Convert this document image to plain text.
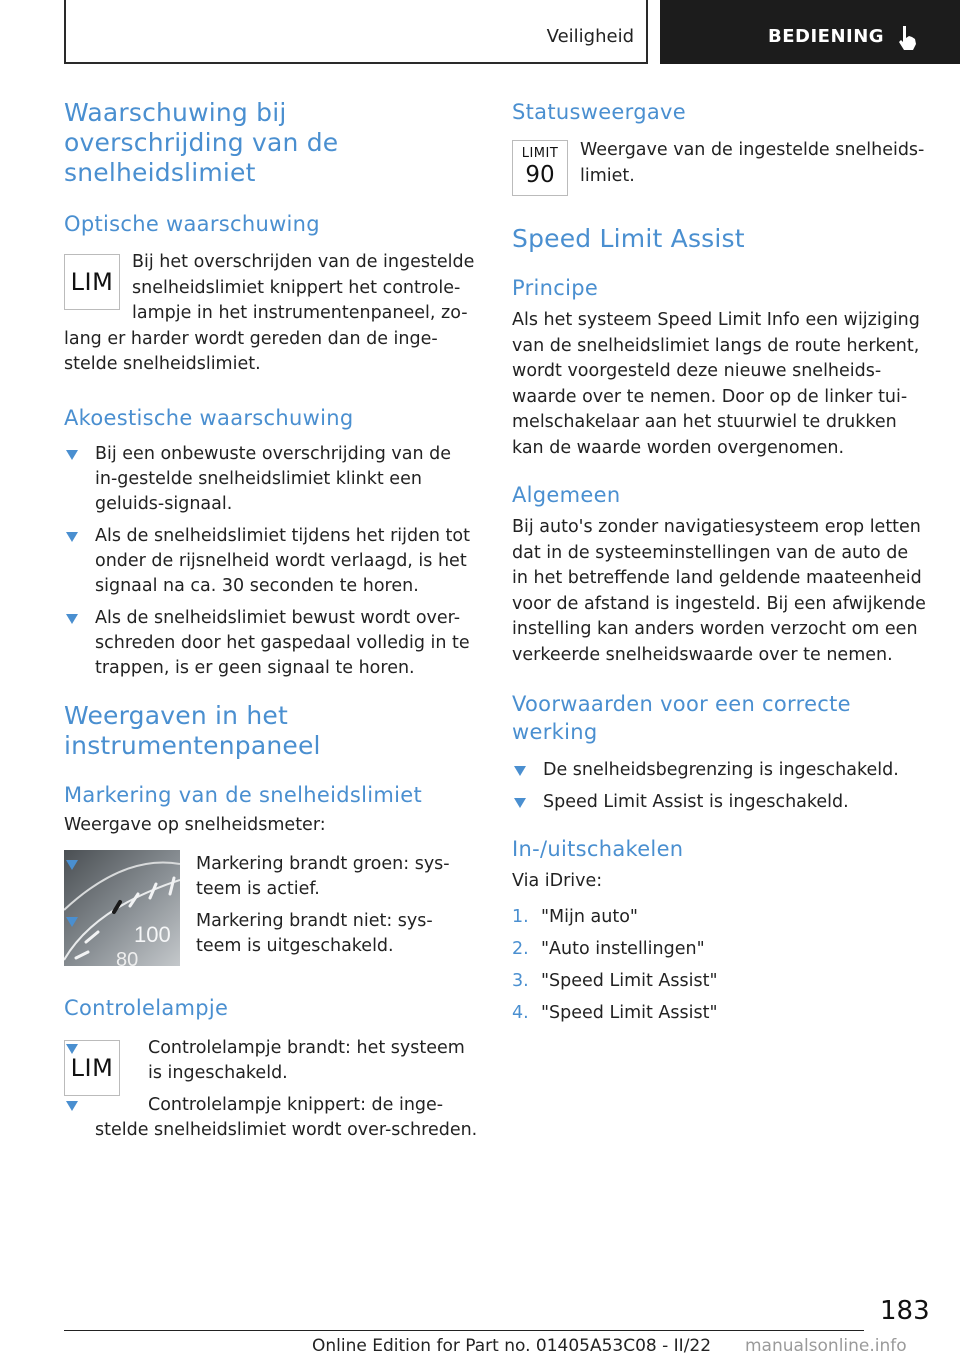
Veiligheid	BEDIENING
Waarschuwing bij overschrijding van de snelheidslimiet
Optische waarschuwing
LIM

Bij het overschrijden van de ingestelde snelheidslimiet knippert het controle-lampje in het instrumentenpaneel, zo-lang er harder wordt gereden dan de inge-stelde snelheidslimiet.

Akoestische waarschuwing
Bij een onbewuste overschrijding van de in-gestelde snelheidslimiet klinkt een geluids-signaal.
Als de snelheidslimiet tijdens het rijden tot onder de rijsnelheid wordt verlaagd, is het signaal na ca. 30 seconden te horen.
Als de snelheidslimiet bewust wordt over-schreden door het gaspedaal volledig in te trappen, is er geen signaal te horen.
Weergaven in het instrumentenpaneel
Markering van de snelheidslimiet

Weergave op snelheidsmeter:

100
80
Markering brandt groen: sys-teem is actief.
Markering brandt niet: sys-teem is uitgeschakeld.
Controlelampje
LIM
Controlelampje brandt: het systeem is ingeschakeld.
Controlelampje knippert: de inge-stelde snelheidslimiet wordt over-schreden.
Statusweergave
LIMIT
90

Weergave van de ingestelde snelheids-limiet.

Speed Limit Assist
Principe

Als het systeem Speed Limit Info een wijziging van de snelheidslimiet langs de route herkent, wordt voorgesteld deze nieuwe snelheids-waarde over te nemen. Door op de linker tui-melschakelaar aan het stuurwiel te drukken kan de waarde worden overgenomen.

Algemeen

Bij auto's zonder navigatiesysteem erop letten dat in de systeeminstellingen van de auto de in het betreffende land geldende maateenheid voor de afstand is ingesteld. Bij een afwijkende instelling kan anders worden verzocht om een verkeerde snelheidswaarde over te nemen.

Voorwaarden voor een correcte werking
De snelheidsbegrenzing is ingeschakeld.
Speed Limit Assist is ingeschakeld.
In-/uitschakelen

Via iDrive:

1. "Mijn auto"
2. "Auto instellingen"
3. "Speed Limit Assist"
4. "Speed Limit Assist"
183
Online Edition for Part no. 01405A53C08 - II/22 manualsonline.info
